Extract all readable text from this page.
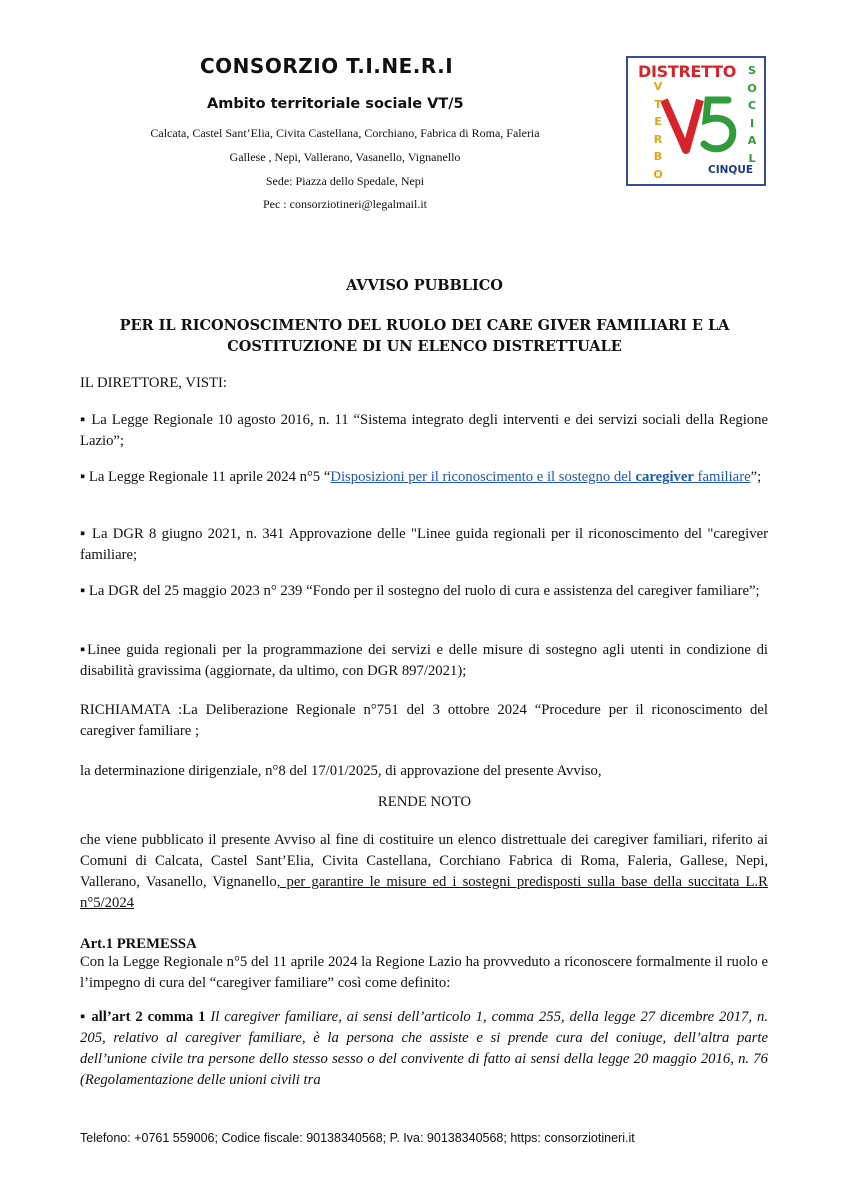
CONSORZIO T.I.NE.R.I
Ambito territoriale sociale VT/5
Calcata, Castel Sant’Elia, Civita Castellana, Corchiano, Fabrica di Roma, Faleria
Gallese , Nepi, Vallerano, Vasanello, Vignanello
Sede: Piazza dello Spedale, Nepi
Pec : consorziotineri@legalmail.it
DISTRETTO
V
T
E
R
B
O
S
O
C
I
A
L
CINQUE
AVVISO PUBBLICO
PER IL RICONOSCIMENTO DEL RUOLO DEI CARE GIVER FAMILIARI E LA
COSTITUZIONE DI UN ELENCO DISTRETTUALE
IL DIRETTORE, VISTI:
▪ La Legge Regionale 10 agosto 2016, n. 11 “Sistema integrato degli interventi e dei servizi sociali della Regione Lazio”;
▪ La Legge Regionale 11 aprile 2024 n°5 “Disposizioni per il riconoscimento e il sostegno del caregiver familiare”;
▪ La DGR 8 giugno 2021, n. 341 Approvazione delle "Linee guida regionali per il riconoscimento del "caregiver familiare;
▪ La DGR del 25 maggio 2023 n° 239 “Fondo per il sostegno del ruolo di cura e assistenza del caregiver familiare”;
▪Linee guida regionali per la programmazione dei servizi e delle misure di sostegno agli utenti in condizione di disabilità gravissima (aggiornate, da ultimo, con DGR 897/2021);
RICHIAMATA :La Deliberazione Regionale n°751 del 3 ottobre 2024 “Procedure per il riconoscimento del caregiver familiare ;
la determinazione dirigenziale, n°8 del 17/01/2025, di approvazione del presente Avviso,
RENDE NOTO
che viene pubblicato il presente Avviso al fine di costituire un elenco distrettuale dei caregiver familiari, riferito ai Comuni di Calcata, Castel Sant’Elia, Civita Castellana, Corchiano Fabrica di Roma, Faleria, Gallese, Nepi, Vallerano, Vasanello, Vignanello, per garantire le misure ed i sostegni predisposti sulla base della succitata L.R n°5/2024
Art.1 PREMESSA
Con la Legge Regionale n°5 del 11 aprile 2024 la Regione Lazio ha provveduto a riconoscere formalmente il ruolo e l’impegno di cura del “caregiver familiare” così come definito:
▪ all’art 2 comma 1 Il caregiver familiare, ai sensi dell’articolo 1, comma 255, della legge 27 dicembre 2017, n. 205, relativo al caregiver familiare, è la persona che assiste e si prende cura del coniuge, dell’altra parte dell’unione civile tra persone dello stesso sesso o del convivente di fatto ai sensi della legge 20 maggio 2016, n. 76 (Regolamentazione delle unioni civili tra
Telefono: +0761 559006; Codice fiscale: 90138340568; P. Iva: 90138340568; https: consorziotineri.it
